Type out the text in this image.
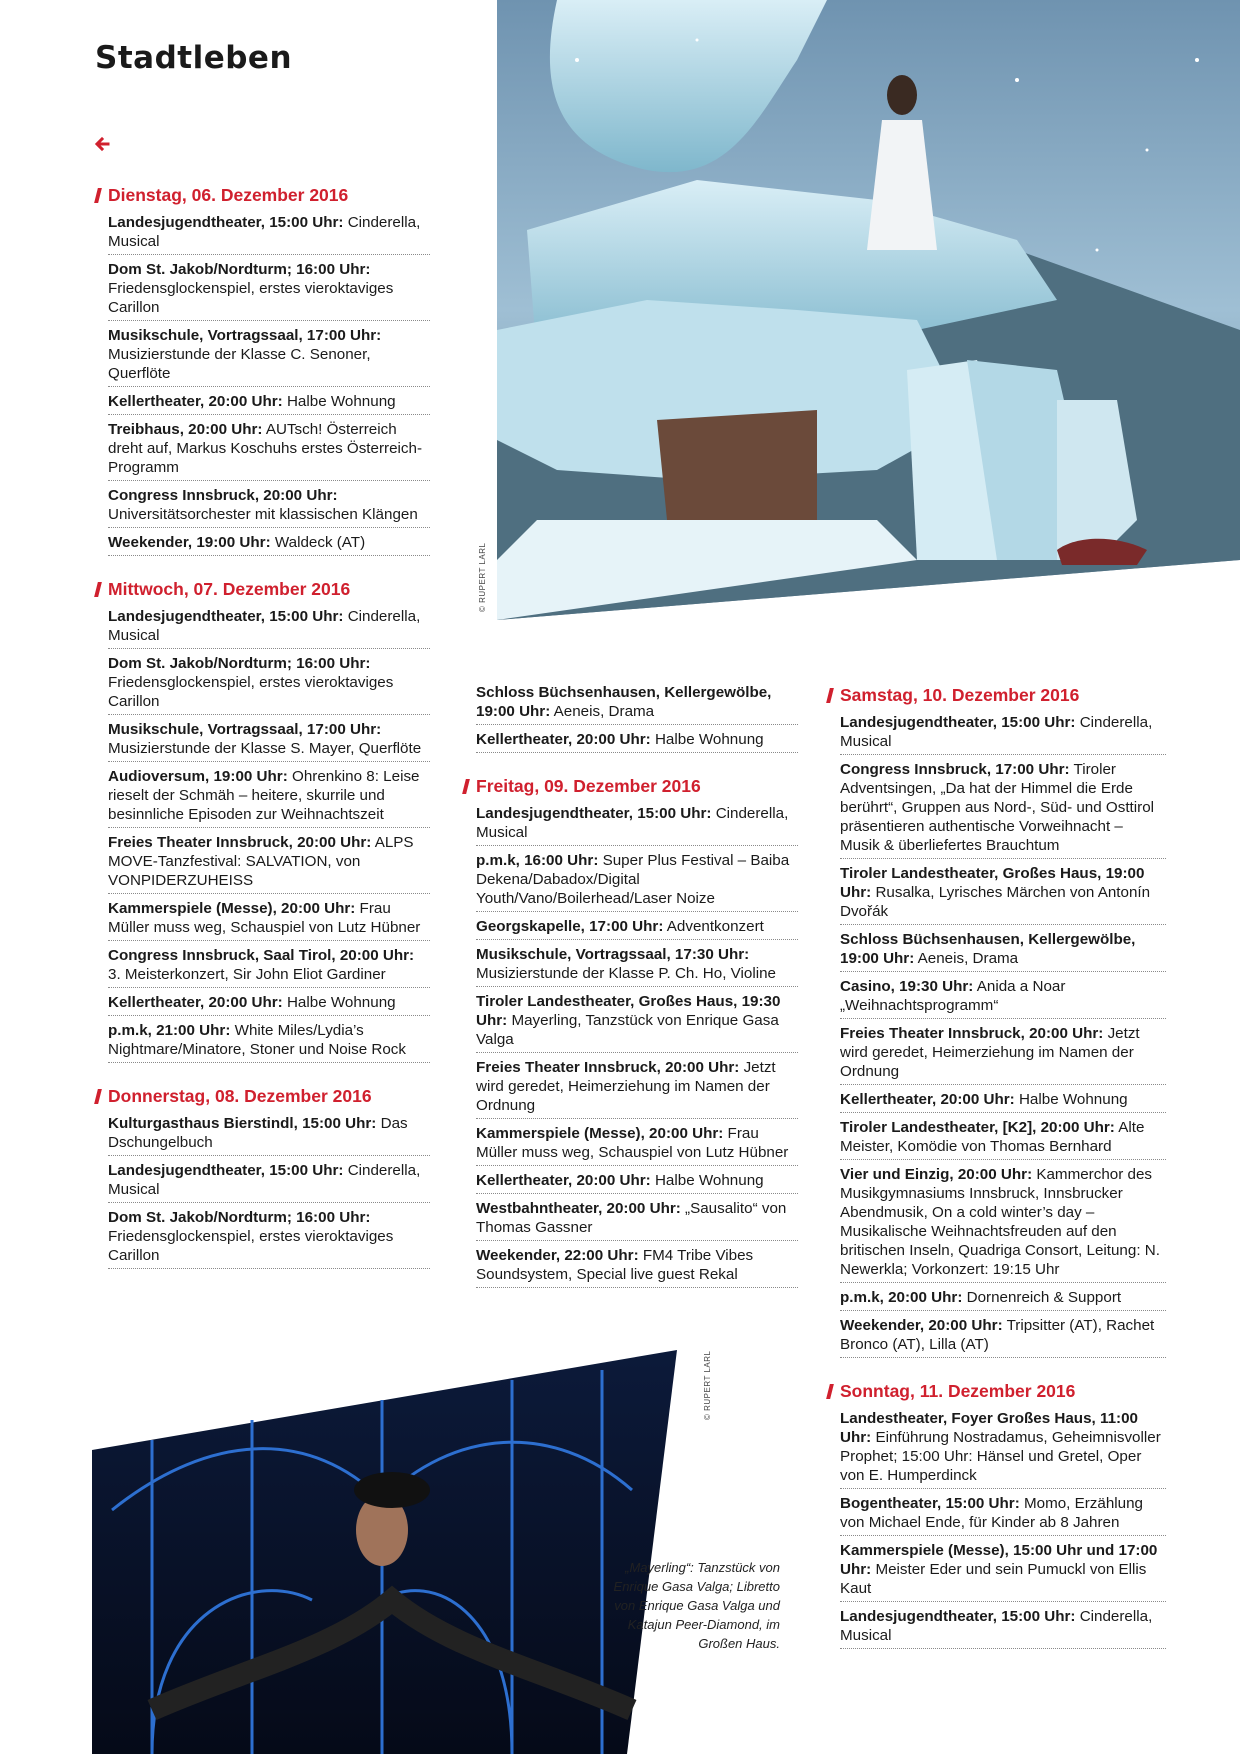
Stadtleben
© RUPERT LARL
© RUPERT LARL
„Mayerling“: Tanzstück von Enrique Gasa Valga; Libretto von Enrique Gasa Valga und Katajun Peer-Diamond, im Großen Haus.
Dienstag, 06. Dezember 2016
Landesjugendtheater, 15:00 Uhr: Cinderella, Musical
Dom St. Jakob/Nordturm; 16:00 Uhr: Friedensglockenspiel, erstes vieroktaviges Carillon
Musikschule, Vortragssaal, 17:00 Uhr: Musizierstunde der Klasse C. Senoner, Querflöte
Kellertheater, 20:00 Uhr: Halbe Wohnung
Treibhaus, 20:00 Uhr: AUTsch! Österreich dreht auf, Markus Koschuhs erstes Österreich-Programm
Congress Innsbruck, 20:00 Uhr: Universitätsorchester mit klassischen Klängen
Weekender, 19:00 Uhr: Waldeck (AT)
Mittwoch, 07. Dezember 2016
Landesjugendtheater, 15:00 Uhr: Cinderella, Musical
Dom St. Jakob/Nordturm; 16:00 Uhr: Friedensglockenspiel, erstes vieroktaviges Carillon
Musikschule, Vortragssaal, 17:00 Uhr: Musizierstunde der Klasse S. Mayer, Querflöte
Audioversum, 19:00 Uhr: Ohrenkino 8: Leise rieselt der Schmäh – heitere, skurrile und besinnliche Episoden zur Weihnachtszeit
Freies Theater Innsbruck, 20:00 Uhr: ALPS MOVE-Tanzfestival: SALVATION, von VONPIDERZUHEISS
Kammerspiele (Messe), 20:00 Uhr: Frau Müller muss weg, Schauspiel von Lutz Hübner
Congress Innsbruck, Saal Tirol, 20:00 Uhr: 3. Meisterkonzert, Sir John Eliot Gardiner
Kellertheater, 20:00 Uhr: Halbe Wohnung
p.m.k, 21:00 Uhr: White Miles/Lydia’s Nightmare/Minatore, Stoner und Noise Rock
Donnerstag, 08. Dezember 2016
Kulturgasthaus Bierstindl, 15:00 Uhr: Das Dschungelbuch
Landesjugendtheater, 15:00 Uhr: Cinderella, Musical
Dom St. Jakob/Nordturm; 16:00 Uhr: Friedensglockenspiel, erstes vieroktaviges Carillon
Schloss Büchsenhausen, Kellergewölbe, 19:00 Uhr: Aeneis, Drama
Kellertheater, 20:00 Uhr: Halbe Wohnung
Freitag, 09. Dezember 2016
Landesjugendtheater, 15:00 Uhr: Cinderella, Musical
p.m.k, 16:00 Uhr: Super Plus Festival – Baiba Dekena/Dabadox/Digital Youth/Vano/Boilerhead/Laser Noize
Georgskapelle, 17:00 Uhr: Adventkonzert
Musikschule, Vortragssaal, 17:30 Uhr: Musizierstunde der Klasse P. Ch. Ho, Violine
Tiroler Landestheater, Großes Haus, 19:30 Uhr: Mayerling, Tanzstück von Enrique Gasa Valga
Freies Theater Innsbruck, 20:00 Uhr: Jetzt wird geredet, Heimerziehung im Namen der Ordnung
Kammerspiele (Messe), 20:00 Uhr: Frau Müller muss weg, Schauspiel von Lutz Hübner
Kellertheater, 20:00 Uhr: Halbe Wohnung
Westbahntheater, 20:00 Uhr: „Sausalito“ von Thomas Gassner
Weekender, 22:00 Uhr: FM4 Tribe Vibes Soundsystem, Special live guest Rekal
Samstag, 10. Dezember 2016
Landesjugendtheater, 15:00 Uhr: Cinderella, Musical
Congress Innsbruck, 17:00 Uhr: Tiroler Adventsingen, „Da hat der Himmel die Erde berührt“, Gruppen aus Nord-, Süd- und Osttirol präsentieren authentische Vorweihnacht – Musik & überliefertes Brauchtum
Tiroler Landestheater, Großes Haus, 19:00 Uhr: Rusalka, Lyrisches Märchen von Antonín Dvořák
Schloss Büchsenhausen, Kellergewölbe, 19:00 Uhr: Aeneis, Drama
Casino, 19:30 Uhr: Anida a Noar „Weihnachtsprogramm“
Freies Theater Innsbruck, 20:00 Uhr: Jetzt wird geredet, Heimerziehung im Namen der Ordnung
Kellertheater, 20:00 Uhr: Halbe Wohnung
Tiroler Landestheater, [K2], 20:00 Uhr: Alte Meister, Komödie von Thomas Bernhard
Vier und Einzig, 20:00 Uhr: Kammerchor des Musikgymnasiums Innsbruck, Innsbrucker Abendmusik, On a cold winter’s day – Musikalische Weihnachtsfreuden auf den britischen Inseln, Quadriga Consort, Leitung: N. Newerkla; Vorkonzert: 19:15 Uhr
p.m.k, 20:00 Uhr: Dornenreich & Support
Weekender, 20:00 Uhr: Tripsitter (AT), Rachet Bronco (AT), Lilla (AT)
Sonntag, 11. Dezember 2016
Landestheater, Foyer Großes Haus, 11:00 Uhr: Einführung Nostradamus, Geheimnisvoller Prophet; 15:00 Uhr: Hänsel und Gretel, Oper von E. Humperdinck
Bogentheater, 15:00 Uhr: Momo, Erzählung von Michael Ende, für Kinder ab 8 Jahren
Kammerspiele (Messe), 15:00 Uhr und 17:00 Uhr: Meister Eder und sein Pumuckl von Ellis Kaut
Landesjugendtheater, 15:00 Uhr: Cinderella, Musical
